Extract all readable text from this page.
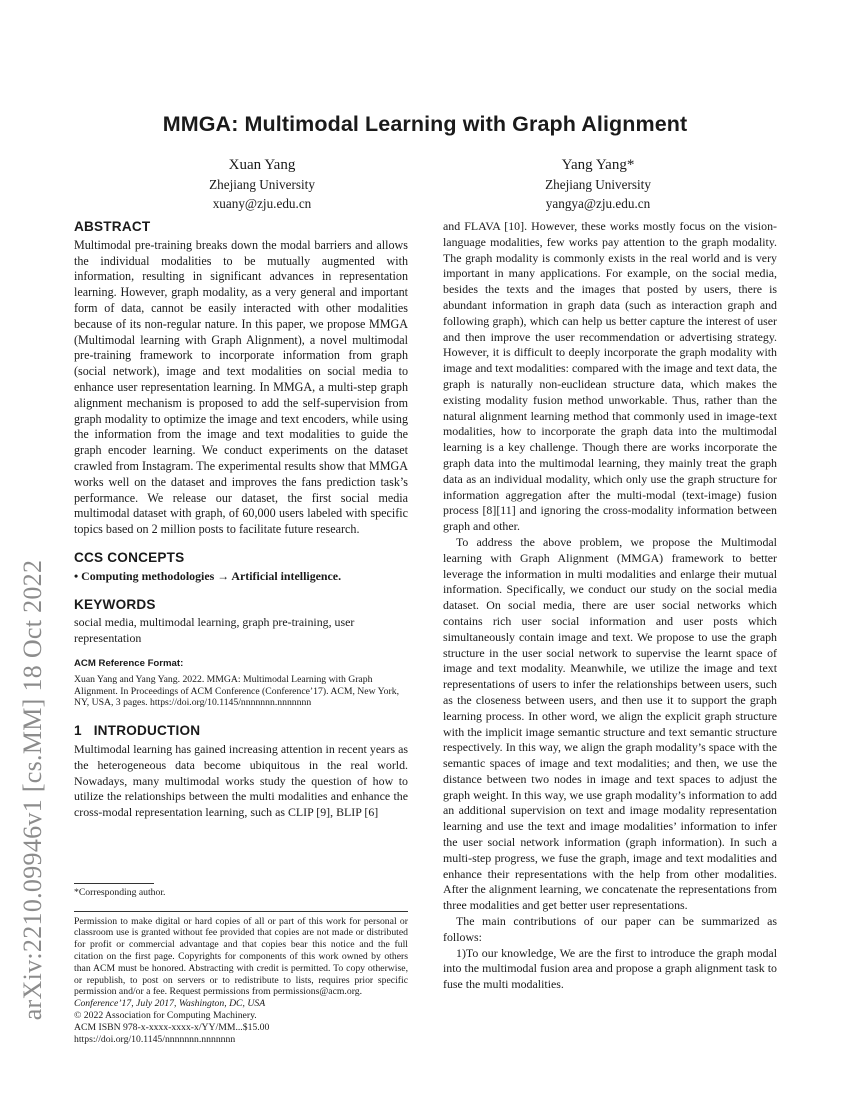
arXiv:2210.09946v1 [cs.MM] 18 Oct 2022
MMGA: Multimodal Learning with Graph Alignment
Xuan Yang
Zhejiang University
xuany@zju.edu.cn
Yang Yang*
Zhejiang University
yangya@zju.edu.cn
ABSTRACT

Multimodal pre-training breaks down the modal barriers and allows the individual modalities to be mutually augmented with information, resulting in significant advances in representation learning. However, graph modality, as a very general and important form of data, cannot be easily interacted with other modalities because of its non-regular nature. In this paper, we propose MMGA (Multimodal learning with Graph Alignment), a novel multimodal pre-training framework to incorporate information from graph (social network), image and text modalities on social media to enhance user representation learning. In MMGA, a multi-step graph alignment mechanism is proposed to add the self-supervision from graph modality to optimize the image and text encoders, while using the information from the image and text modalities to guide the graph encoder learning. We conduct experiments on the dataset crawled from Instagram. The experimental results show that MMGA works well on the dataset and improves the fans prediction task’s performance. We release our dataset, the first social media multimodal dataset with graph, of 60,000 users labeled with specific topics based on 2 million posts to facilitate future research.

CCS CONCEPTS

• Computing methodologies → Artificial intelligence.

KEYWORDS

social media, multimodal learning, graph pre-training, user representation

ACM Reference Format:

Xuan Yang and Yang Yang. 2022. MMGA: Multimodal Learning with Graph Alignment. In Proceedings of ACM Conference (Conference’17). ACM, New York, NY, USA, 3 pages. https://doi.org/10.1145/nnnnnnn.nnnnnnn

1   INTRODUCTION

Multimodal learning has gained increasing attention in recent years as the heterogeneous data become ubiquitous in the real world. Nowadays, many multimodal works study the question of how to utilize the relationships between the multi modalities and enhance the cross-modal representation learning, such as CLIP [9], BLIP [6]

*Corresponding author.

Permission to make digital or hard copies of all or part of this work for personal or classroom use is granted without fee provided that copies are not made or distributed for profit or commercial advantage and that copies bear this notice and the full citation on the first page. Copyrights for components of this work owned by others than ACM must be honored. Abstracting with credit is permitted. To copy otherwise, or republish, to post on servers or to redistribute to lists, requires prior specific permission and/or a fee. Request permissions from permissions@acm.org.

Conference’17, July 2017, Washington, DC, USA

© 2022 Association for Computing Machinery.

ACM ISBN 978-x-xxxx-xxxx-x/YY/MM...$15.00

https://doi.org/10.1145/nnnnnnn.nnnnnnn

and FLAVA [10]. However, these works mostly focus on the vision-language modalities, few works pay attention to the graph modality. The graph modality is commonly exists in the real world and is very important in many applications. For example, on the social media, besides the texts and the images that posted by users, there is abundant information in graph data (such as interaction graph and following graph), which can help us better capture the interest of user and then improve the user recommendation or advertising strategy. However, it is difficult to deeply incorporate the graph modality with image and text modalities: compared with the image and text data, the graph is naturally non-euclidean structure data, which makes the existing modality fusion method unworkable. Thus, rather than the natural alignment learning method that commonly used in image-text modalities, how to incorporate the graph data into the multimodal learning is a key challenge. Though there are works incorporate the graph data into the multimodal learning, they mainly treat the graph data as an individual modality, which only use the graph structure for information aggregation after the multi-modal (text-image) fusion process [8][11] and ignoring the cross-modality information between graph and other.

To address the above problem, we propose the Multimodal learning with Graph Alignment (MMGA) framework to better leverage the information in multi modalities and enlarge their mutual information. Specifically, we conduct our study on the social media dataset. On social media, there are user social networks which contains rich user social information and user posts which simultaneously contain image and text. We propose to use the graph structure in the user social network to supervise the learnt space of image and text modality. Meanwhile, we utilize the image and text representations of users to infer the relationships between users, such as the closeness between users, and then use it to support the graph learning process. In other word, we align the explicit graph structure with the implicit image semantic structure and text semantic structure respectively. In this way, we align the graph modality’s space with the semantic spaces of image and text modalities; and then, we use the distance between two nodes in image and text spaces to adjust the graph weight. In this way, we use graph modality’s information to add an additional supervision on text and image modality representation learning and use the text and image modalities’ information to infer the user social network information (graph information). In such a multi-step progress, we fuse the graph, image and text modalities and enhance their representations with the help from other modalities. After the alignment learning, we concatenate the representations from three modalities and get better user representations.

The main contributions of our paper can be summarized as follows:

1)To our knowledge, We are the first to introduce the graph modal into the multimodal fusion area and propose a graph alignment task to fuse the multi modalities.
